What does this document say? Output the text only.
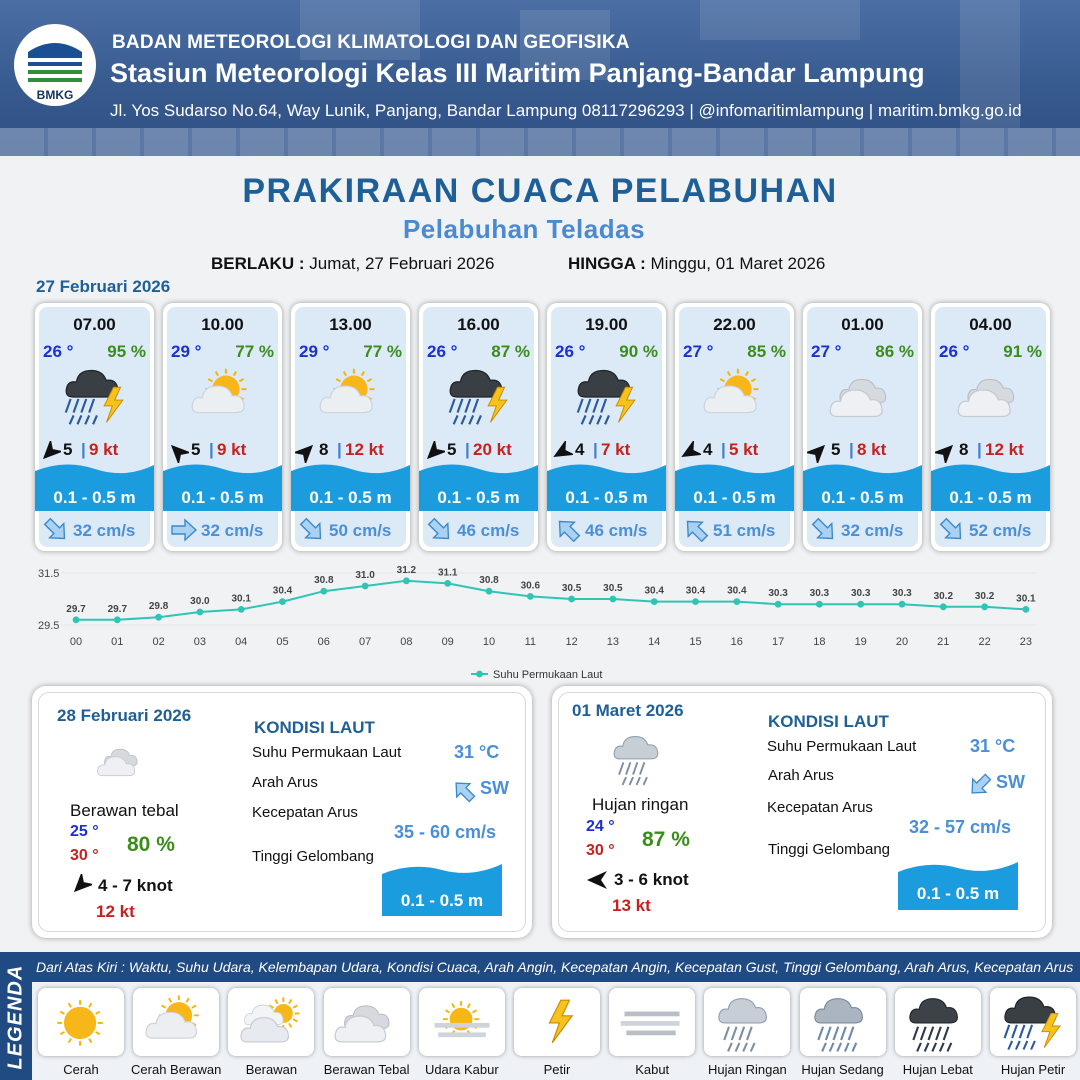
BMKG
BADAN METEOROLOGI KLIMATOLOGI DAN GEOFISIKA
Stasiun Meteorologi Kelas III Maritim Panjang-Bandar Lampung
Jl. Yos Sudarso No.64, Way Lunik, Panjang, Bandar Lampung 08117296293 | @infomaritimlampung | maritim.bmkg.go.id
PRAKIRAAN CUACA PELABUHAN
Pelabuhan Teladas
BERLAKU : Jumat, 27 Februari 2026	HINGGA : Minggu, 01 Maret 2026
27 Februari 2026
07.00
26 ° 95 %
5 | 9 kt
0.1 - 0.5 m
32 cm/s
10.00
29 ° 77 %
5 | 9 kt
0.1 - 0.5 m
32 cm/s
13.00
29 ° 77 %
8 | 12 kt
0.1 - 0.5 m
50 cm/s
16.00
26 ° 87 %
5 | 20 kt
0.1 - 0.5 m
46 cm/s
19.00
26 ° 90 %
4 | 7 kt
0.1 - 0.5 m
46 cm/s
22.00
27 ° 85 %
4 | 5 kt
0.1 - 0.5 m
51 cm/s
01.00
27 ° 86 %
5 | 8 kt
0.1 - 0.5 m
32 cm/s
04.00
26 ° 91 %
8 | 12 kt
0.1 - 0.5 m
52 cm/s
31.5
29.5
29.7
00
29.7
01
29.8
02
30.0
03
30.1
04
30.4
05
30.8
06
31.0
07
31.2
08
31.1
09
30.8
10
30.6
11
30.5
12
30.5
13
30.4
14
30.4
15
30.4
16
30.3
17
30.3
18
30.3
19
30.3
20
30.2
21
30.2
22
30.1
23
Suhu Permukaan Laut
28 Februari 2026
Berawan tebal
25 °
30 ° 80 %
4 - 7 knot
12 kt
KONDISI LAUT
Suhu Permukaan Laut	31 °C
Arah Arus	SW
Kecepatan Arus
35 - 60 cm/s
Tinggi Gelombang
0.1 - 0.5 m
01 Maret 2026
Hujan ringan
24 °
30 ° 87 %
3 - 6 knot
13 kt
KONDISI LAUT
Suhu Permukaan Laut	31 °C
Arah Arus	SW
Kecepatan Arus
32 - 57 cm/s
Tinggi Gelombang
0.1 - 0.5 m
LEGENDA Dari Atas Kiri : Waktu, Suhu Udara, Kelembapan Udara, Kondisi Cuaca, Arah Angin, Kecepatan Angin, Kecepatan Gust, Tinggi Gelombang, Arah Arus, Kecepatan Arus
Cerah	Cerah Berawan	Berawan	Berawan Tebal	Udara Kabur	Petir	Kabut	Hujan Ringan	Hujan Sedang	Hujan Lebat	Hujan Petir
